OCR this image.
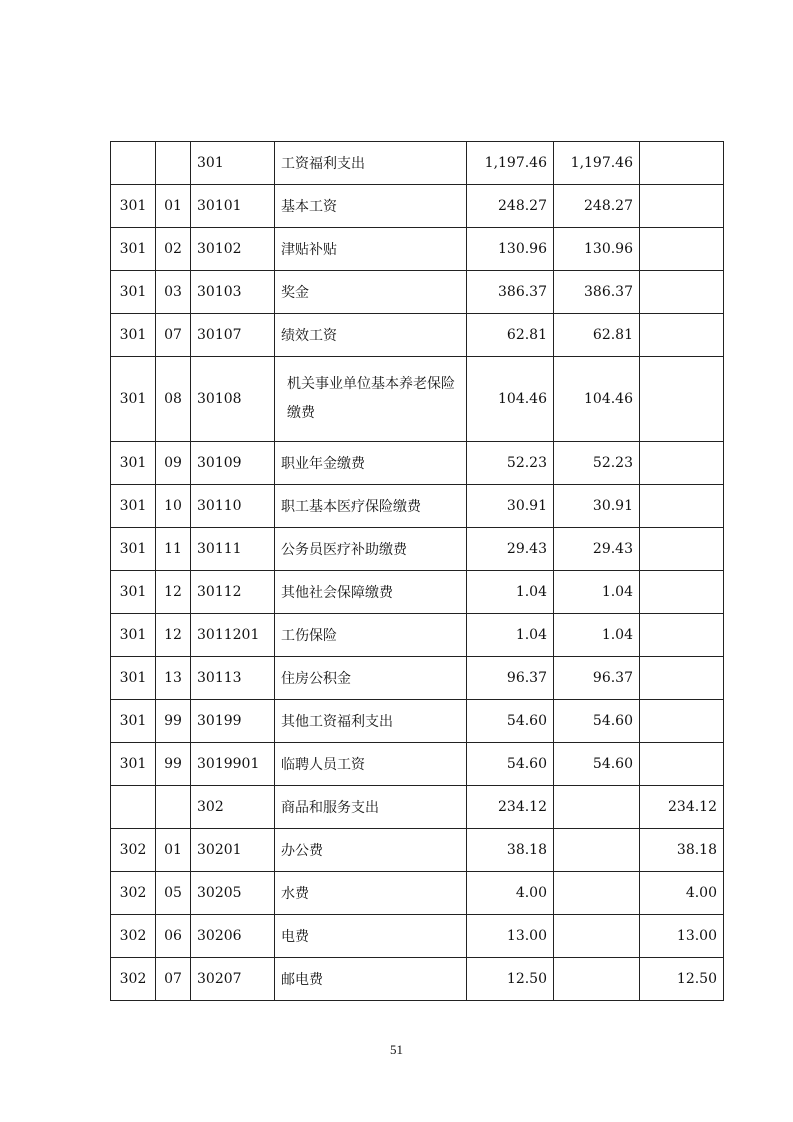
		301	工资福利支出	1,197.46	1,197.46	
301	01	30101	基本工资	248.27	248.27	
301	02	30102	津贴补贴	130.96	130.96	
301	03	30103	奖金	386.37	386.37	
301	07	30107	绩效工资	62.81	62.81	
301	08	30108	机关事业单位基本养老保险缴费	104.46	104.46	
301	09	30109	职业年金缴费	52.23	52.23	
301	10	30110	职工基本医疗保险缴费	30.91	30.91	
301	11	30111	公务员医疗补助缴费	29.43	29.43	
301	12	30112	其他社会保障缴费	1.04	1.04	
301	12	3011201	工伤保险	1.04	1.04	
301	13	30113	住房公积金	96.37	96.37	
301	99	30199	其他工资福利支出	54.60	54.60	
301	99	3019901	临聘人员工资	54.60	54.60	
		302	商品和服务支出	234.12		234.12
302	01	30201	办公费	38.18		38.18
302	05	30205	水费	4.00		4.00
302	06	30206	电费	13.00		13.00
302	07	30207	邮电费	12.50		12.50
51
